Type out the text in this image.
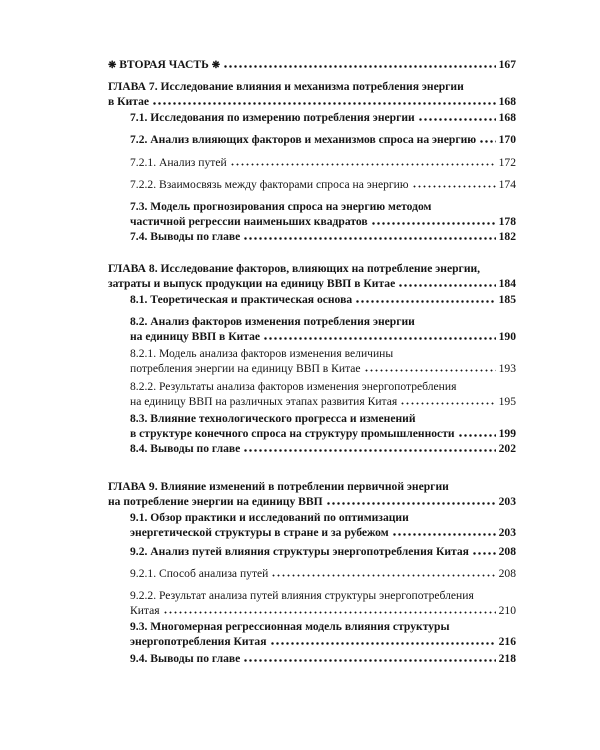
❋
ВТОРАЯ ЧАСТЬ
❋	167
ГЛАВА 7. Исследование влияния и механизма потребления энергии
в Китае	168
7.1. Исследования по измерению потребления энергии	168
7.2. Анализ влияющих факторов и механизмов спроса на энергию 170
7.2.1. Анализ путей	172
7.2.2. Взаимосвязь между факторами спроса на энергию	174
7.3. Модель прогнозирования спроса на энергию методом
частичной регрессии наименьших квадратов	178
7.4. Выводы по главе	182
ГЛАВА 8. Исследование факторов, влияющих на потребление энергии,
затраты и выпуск продукции на единицу ВВП в Китае	184
8.1. Теоретическая и практическая основа	185
8.2. Анализ факторов изменения потребления энергии
на единицу ВВП в Китае	190
8.2.1. Модель анализа факторов изменения величины
потребления энергии на единицу ВВП в Китае	193
8.2.2. Результаты анализа факторов изменения энергопотребления
на единицу ВВП на различных этапах развития Китая	195
8.3. Влияние технологического прогресса и изменений
в структуре конечного спроса на структуру промышленности	199
8.4. Выводы по главе	202
ГЛАВА 9. Влияние изменений в потреблении первичной энергии
на потребление энергии на единицу ВВП	203
9.1. Обзор практики и исследований по оптимизации
энергетической структуры в стране и за рубежом	203
9.2. Анализ путей влияния структуры энергопотребления Китая	208
9.2.1. Способ анализа путей	208
9.2.2. Результат анализа путей влияния структуры энергопотребления
Китая	210
9.3. Многомерная регрессионная модель влияния структуры
энергопотребления Китая	216
9.4. Выводы по главе	218
